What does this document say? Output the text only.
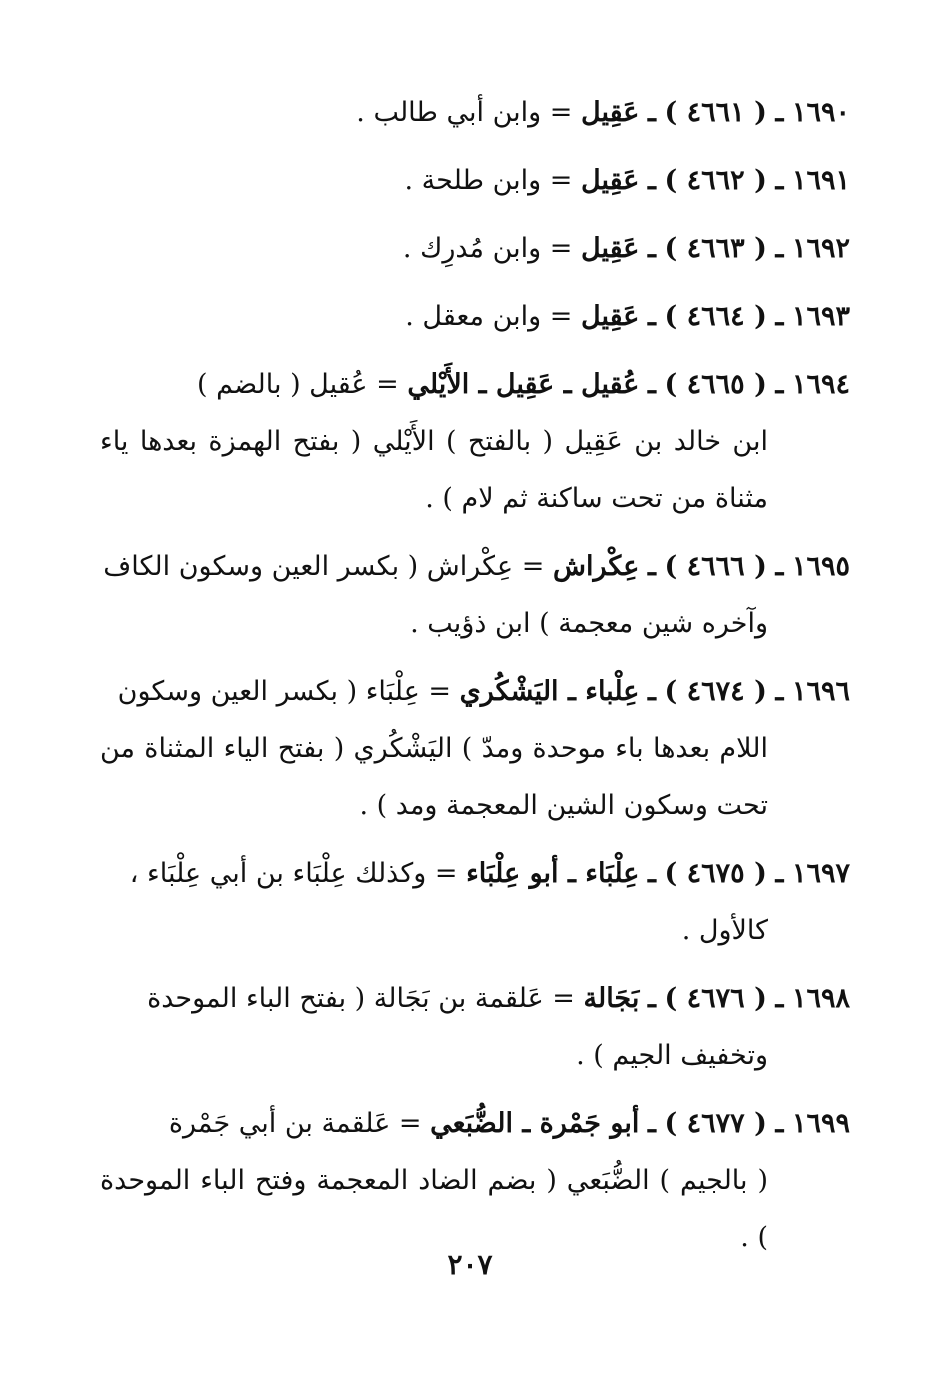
١٦٩٠ ـ ( ٤٦٦١ ) ـ عَقِيل = وابن أبي طالب .

١٦٩١ ـ ( ٤٦٦٢ ) ـ عَقِيل = وابن طلحة .

١٦٩٢ ـ ( ٤٦٦٣ ) ـ عَقِيل = وابن مُدرِك .

١٦٩٣ ـ ( ٤٦٦٤ ) ـ عَقِيل = وابن معقل .

١٦٩٤ ـ ( ٤٦٦٥ ) ـ عُقيل ـ عَقِيل ـ الأَيْلي = عُقيل ( بالضم )
ابن خالد بن عَقِيل ( بالفتح ) الأَيْلي ( بفتح الهمزة بعدها ياء مثناة من تحت ساكنة ثم لام ) .

١٦٩٥ ـ ( ٤٦٦٦ ) ـ عِكْراش = عِكْراش ( بكسر العين وسكون الكاف
وآخره شين معجمة ) ابن ذؤيب .

١٦٩٦ ـ ( ٤٦٧٤ ) ـ عِلْباء ـ اليَشْكُري = عِلْبَاء ( بكسر العين وسكون
اللام بعدها باء موحدة ومدّ ) اليَشْكُري ( بفتح الياء المثناة من تحت وسكون الشين المعجمة ومد ) .

١٦٩٧ ـ ( ٤٦٧٥ ) ـ عِلْبَاء ـ أبو عِلْبَاء = وكذلك عِلْبَاء بن أبي عِلْبَاء ،
كالأول .

١٦٩٨ ـ ( ٤٦٧٦ ) ـ بَجَالة = عَلقمة بن بَجَالة ( بفتح الباء الموحدة
وتخفيف الجيم ) .

١٦٩٩ ـ ( ٤٦٧٧ ) ـ أبو جَمْرة ـ الضُّبَعي = عَلقمة بن أبي جَمْرة
( بالجيم ) الضُّبَعي ( بضم الضاد المعجمة وفتح الباء الموحدة ) .

٢٠٧
